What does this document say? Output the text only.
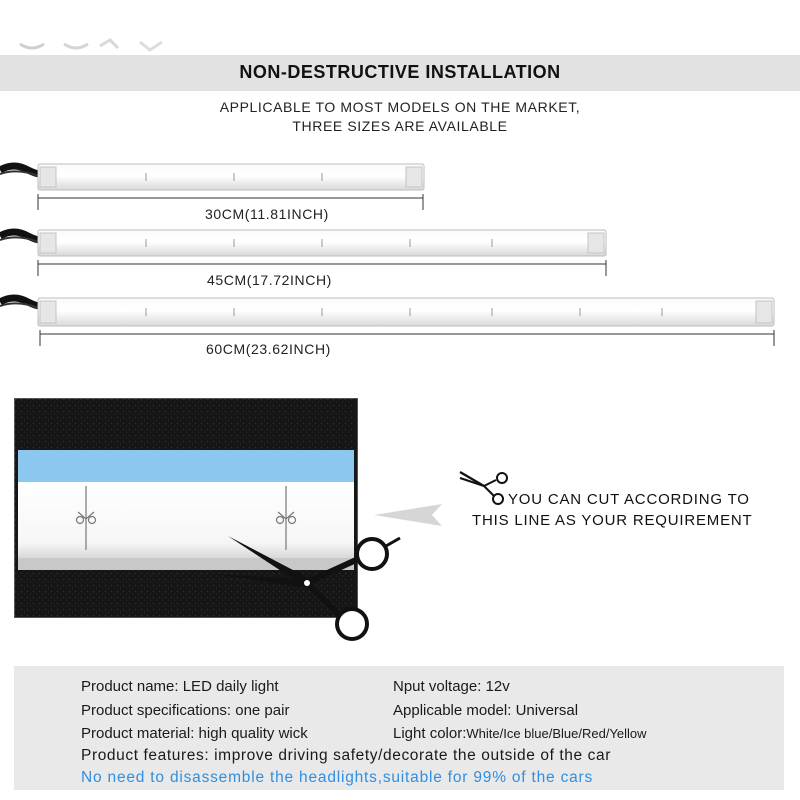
NON-DESTRUCTIVE INSTALLATION
APPLICABLE TO MOST MODELS ON THE MARKET,
THREE SIZES ARE AVAILABLE
30CM(11.81INCH)
45CM(17.72INCH)
60CM(23.62INCH)
YOU CAN CUT ACCORDING TO
THIS LINE AS YOUR REQUIREMENT
Product name: LED daily light	Nput voltage: 12v
Product specifications: one pair	Applicable model: Universal
Product material: high quality wick	Light color:White/Ice blue/Blue/Red/Yellow
Product features: improve driving safety/decorate the outside of the car
No need to disassemble the headlights,suitable for 99% of the cars
